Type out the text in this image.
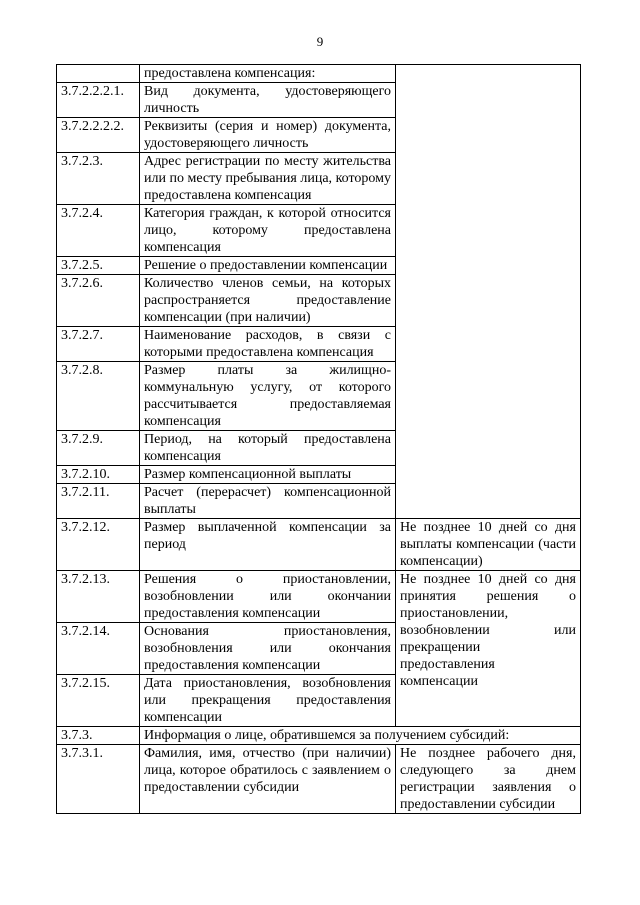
9
	предоставлена компенсация:	
3.7.2.2.2.1.	Вид документа, удостоверяющего личность	
3.7.2.2.2.2.	Реквизиты (серия и номер) документа, удостоверяющего личность	
3.7.2.3.	Адрес регистрации по месту жительства или по месту пребывания лица, которому предоставлена компенсация	
3.7.2.4.	Категория граждан, к которой относится лицо, которому предоставлена компенсация	
3.7.2.5.	Решение о предоставлении компенсации	
3.7.2.6.	Количество членов семьи, на которых распространяется предоставление компенсации (при наличии)	
3.7.2.7.	Наименование расходов, в связи с которыми предоставлена компенсация	
3.7.2.8.	Размер платы за жилищно-коммунальную услугу, от которого рассчитывается предоставляемая компенсация	
3.7.2.9.	Период, на который предоставлена компенсация	
3.7.2.10.	Размер компенсационной выплаты	
3.7.2.11.	Расчет (перерасчет) компенсационной выплаты	
3.7.2.12.	Размер выплаченной компенсации за период	Не позднее 10 дней со дня выплаты компенсации (части компенсации)
3.7.2.13.	Решения о приостановлении, возобновлении или окончании предоставления компенсации	Не позднее 10 дней со дня принятия решения о приостановлении, возобновлении или прекращении предоставления компенсации
3.7.2.14.	Основания приостановления, возобновления или окончания предоставления компенсации	
3.7.2.15.	Дата приостановления, возобновления или прекращения предоставления компенсации	
3.7.3.	Информация о лице, обратившемся за получением субсидий:	
3.7.3.1.	Фамилия, имя, отчество (при наличии) лица, которое обратилось с заявлением о предоставлении субсидии	Не позднее рабочего дня, следующего за днем регистрации заявления о предоставлении субсидии
